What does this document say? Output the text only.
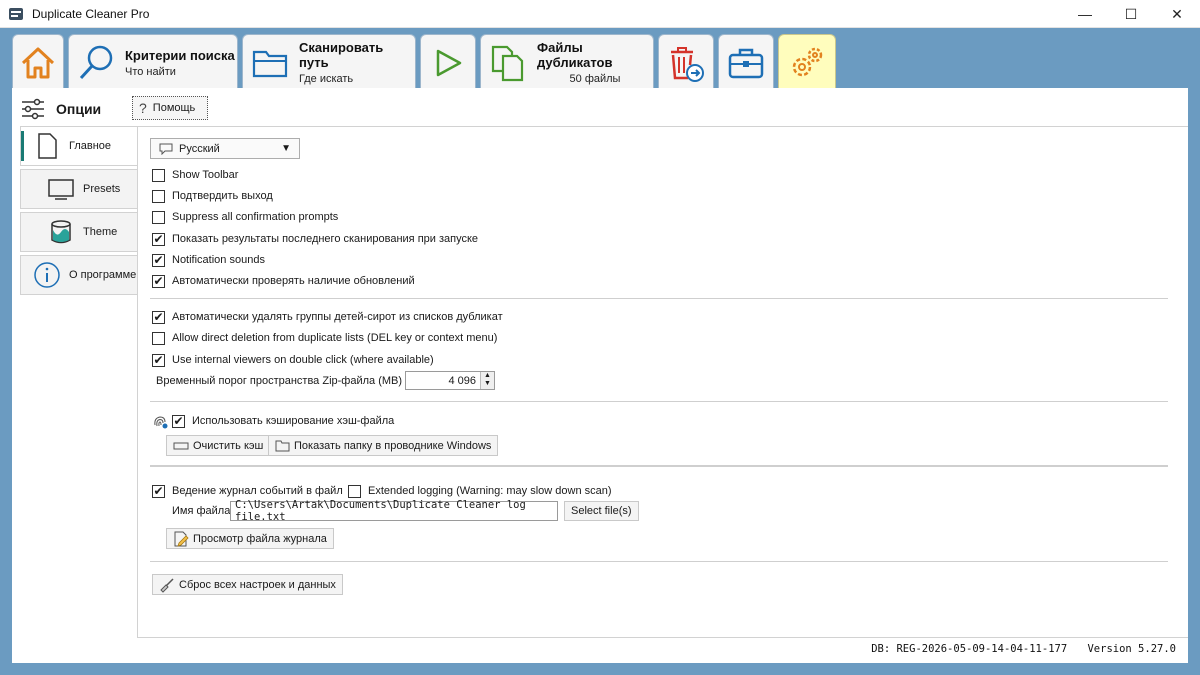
Duplicate Cleaner Pro	—	☐	✕
Критерии поиска
Что найти
Сканировать путь
Где искать
Файлы дубликатов
50 файлы
Опции	? Помощь
Главное
Presets
Theme
О программе
Русский	▼
Show Toolbar
Подтвердить выход
Suppress all confirmation prompts
✔ Показать результаты последнего сканирования при запуске
✔ Notification sounds
✔ Автоматически проверять наличие обновлений
✔ Автоматически удалять группы детей-сирот из списков дубликат
Allow direct deletion from duplicate lists (DEL key or context menu)
✔ Use internal viewers on double click (where available)
Временный порог пространства Zip-файла (MB)	4 096	▲
▼
✔ Использовать кэширование хэш-файла
Очистить кэш	Показать папку в проводнике Windows
✔ Ведение журнал событий в файл Extended logging (Warning: may slow down scan)
Имя файла C:\Users\Artak\Documents\Duplicate Cleaner log file.txt	Select file(s)
Просмотр файла журнала
Сброс всех настроек и данных
DB: REG-2026-05-09-14-04-11-177 Version 5.27.0
